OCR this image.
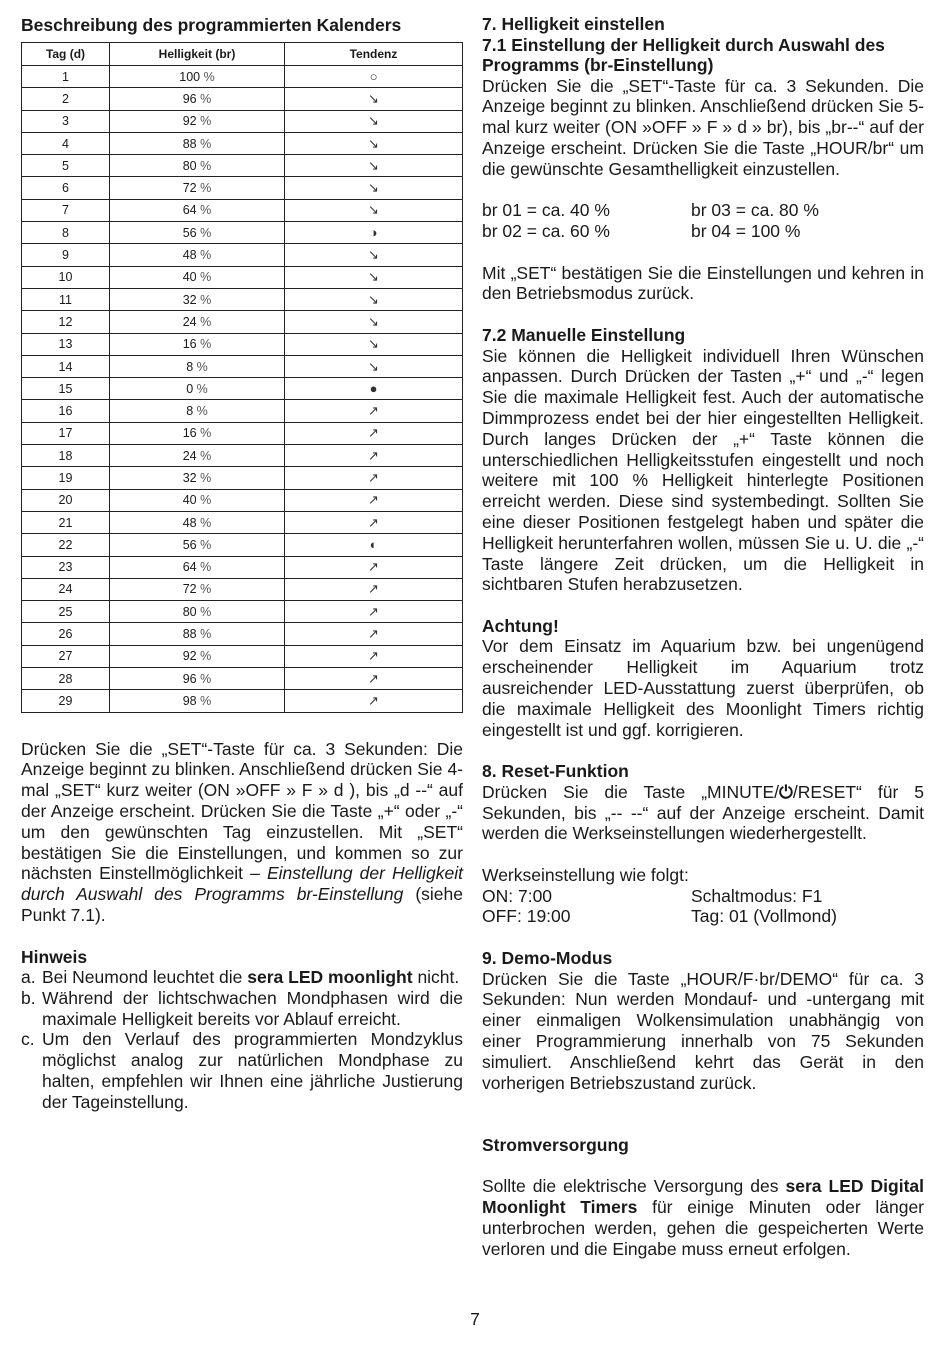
Beschreibung des programmierten Kalenders
Tag (d)	Helligkeit (br)	Tendenz
1	100 %	○
2	96 %	↘
3	92 %	↘
4	88 %	↘
5	80 %	↘
6	72 %	↘
7	64 %	↘
8	56 %	◑
9	48 %	↘
10	40 %	↘
11	32 %	↘
12	24 %	↘
13	16 %	↘
14	8 %	↘
15	0 %	●
16	8 %	↗
17	16 %	↗
18	24 %	↗
19	32 %	↗
20	40 %	↗
21	48 %	↗
22	56 %	◐
23	64 %	↗
24	72 %	↗
25	80 %	↗
26	88 %	↗
27	92 %	↗
28	96 %	↗
29	98 %	↗

Drücken Sie die „SET“-Taste für ca. 3 Sekunden: Die Anzeige beginnt zu blinken. Anschließend drücken Sie 4-mal „SET“ kurz weiter (ON »OFF » F » d ), bis „d --“ auf der Anzeige erscheint. Drücken Sie die Taste „+“ oder „-“ um den gewünschten Tag einzustellen. Mit „SET“ bestätigen Sie die Einstellungen, und kommen so zur nächsten Einstellmöglichkeit – Einstellung der Helligkeit durch Auswahl des Programms br-Einstellung (siehe Punkt 7.1).

Hinweis
a. Bei Neumond leuchtet die sera LED moonlight nicht.
b. Während der lichtschwachen Mondphasen wird die maximale Helligkeit bereits vor Ablauf erreicht.
c. Um den Verlauf des programmierten Mondzyklus möglichst analog zur natürlichen Mondphase zu halten, empfehlen wir Ihnen eine jährliche Justierung der Tageinstellung.
7. Helligkeit einstellen
7.1 Einstellung der Helligkeit durch Auswahl des Programms (br-Einstellung)

Drücken Sie die „SET“-Taste für ca. 3 Sekunden. Die Anzeige beginnt zu blinken. Anschließend drücken Sie 5-mal kurz weiter (ON »OFF » F » d » br), bis „br--“ auf der Anzeige erscheint. Drücken Sie die Taste „HOUR/br“ um die gewünschte Gesamthelligkeit einzustellen.

br 01 = ca. 40 %	br 03 = ca. 80 %
br 02 = ca. 60 %	br 04 = 100 %

Mit „SET“ bestätigen Sie die Einstellungen und kehren in den Betriebsmodus zurück.

7.2 Manuelle Einstellung

Sie können die Helligkeit individuell Ihren Wünschen anpassen. Durch Drücken der Tasten „+“ und „-“ legen Sie die maximale Helligkeit fest. Auch der automatische Dimmprozess endet bei der hier eingestellten Helligkeit. Durch langes Drücken der „+“ Taste können die unterschiedlichen Helligkeitsstufen eingestellt und noch weitere mit 100 % Helligkeit hinterlegte Positionen erreicht werden. Diese sind systembedingt. Sollten Sie eine dieser Positionen festgelegt haben und später die Helligkeit herunterfahren wollen, müssen Sie u. U. die „-“ Taste längere Zeit drücken, um die Helligkeit in sichtbaren Stufen herabzusetzen.

Achtung!

Vor dem Einsatz im Aquarium bzw. bei ungenügend erscheinender Helligkeit im Aquarium trotz ausreichender LED-Ausstattung zuerst überprüfen, ob die maximale Helligkeit des Moonlight Timers richtig eingestellt ist und ggf. korrigieren.

8. Reset-Funktion

Drücken Sie die Taste „MINUTE/⏻/RESET“ für 5 Sekunden, bis „-- --“ auf der Anzeige erscheint. Damit werden die Werkseinstellungen wiederhergestellt.

Werkseinstellung wie folgt:

ON: 7:00	Schaltmodus: F1
OFF: 19:00	Tag: 01 (Vollmond)
9. Demo-Modus

Drücken Sie die Taste „HOUR/F·br/DEMO“ für ca. 3 Sekunden: Nun werden Mondauf- und -untergang mit einer einmaligen Wolkensimulation unabhängig von einer Programmierung innerhalb von 75 Sekunden simuliert. Anschließend kehrt das Gerät in den vorherigen Betriebszustand zurück.

Stromversorgung

Sollte die elektrische Versorgung des sera LED Digital Moonlight Timers für einige Minuten oder länger unterbrochen werden, gehen die gespeicherten Werte verloren und die Eingabe muss erneut erfolgen.

7
